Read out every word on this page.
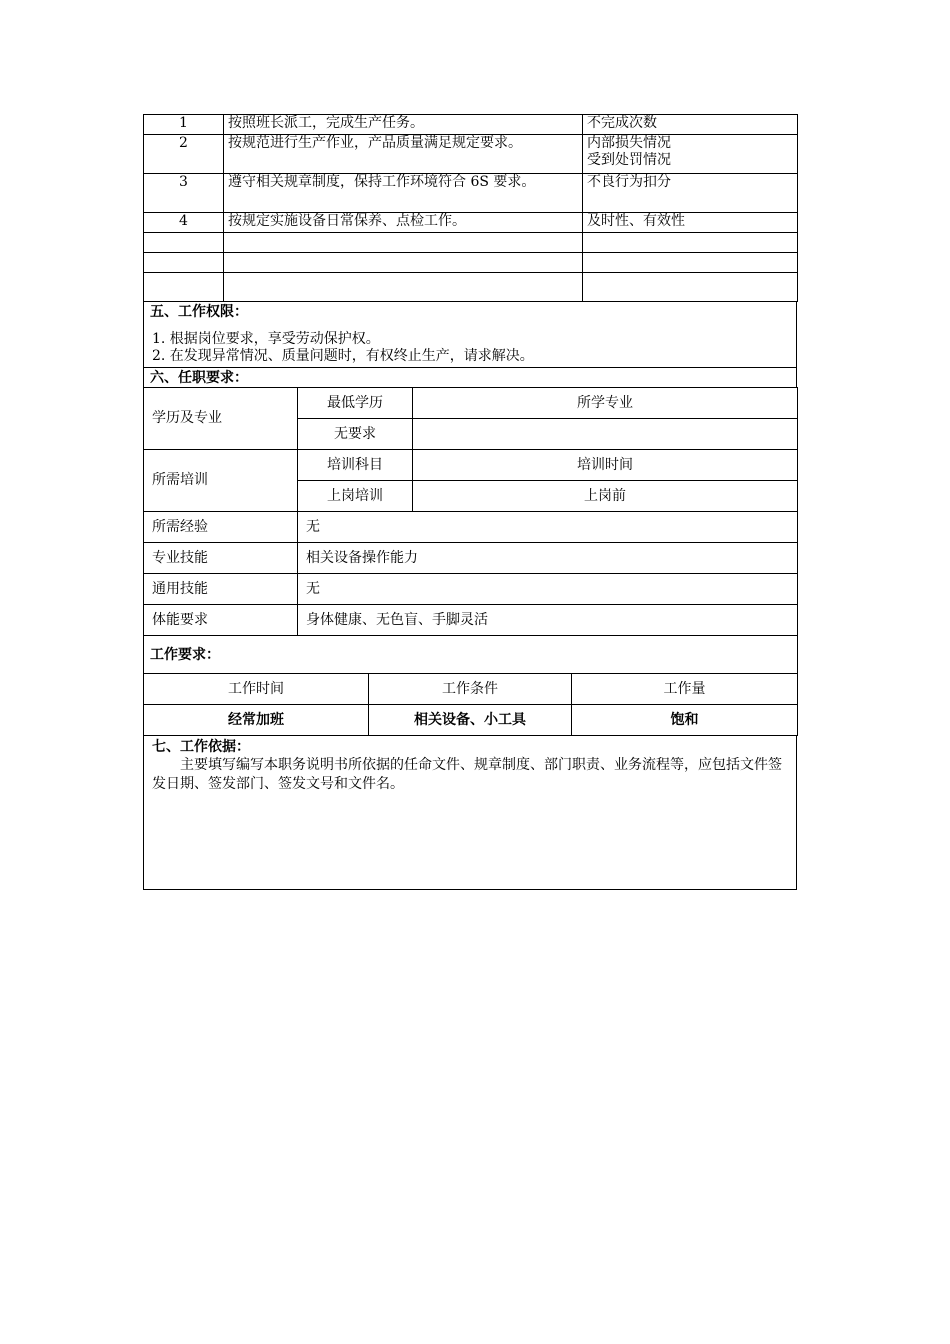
1	按照班长派工，完成生产任务。	不完成次数
2	按规范进行生产作业，产品质量满足规定要求。	内部损失情况
受到处罚情况
3	遵守相关规章制度，保持工作环境符合 6S 要求。	不良行为扣分
4	按规定实施设备日常保养、点检工作。	及时性、有效性

五、工作权限：

1. 根据岗位要求，享受劳动保护权。
2. 在发现异常情况、质量问题时，有权终止生产，请求解决。

六、任职要求：
学历及专业	最低学历	所学专业
	无要求	
所需培训	培训科目	培训时间
	上岗培训	上岗前
所需经验	无	
专业技能	相关设备操作能力	
通用技能	无	
体能要求	身体健康、无色盲、手脚灵活	
工作要求：		
工作时间	工作条件	工作量
经常加班	相关设备、小工具	饱和
七、工作依据：
主要填写编写本职务说明书所依据的任命文件、规章制度、部门职责、业务流程等，应包括文件签发日期、签发部门、签发文号和文件名。
